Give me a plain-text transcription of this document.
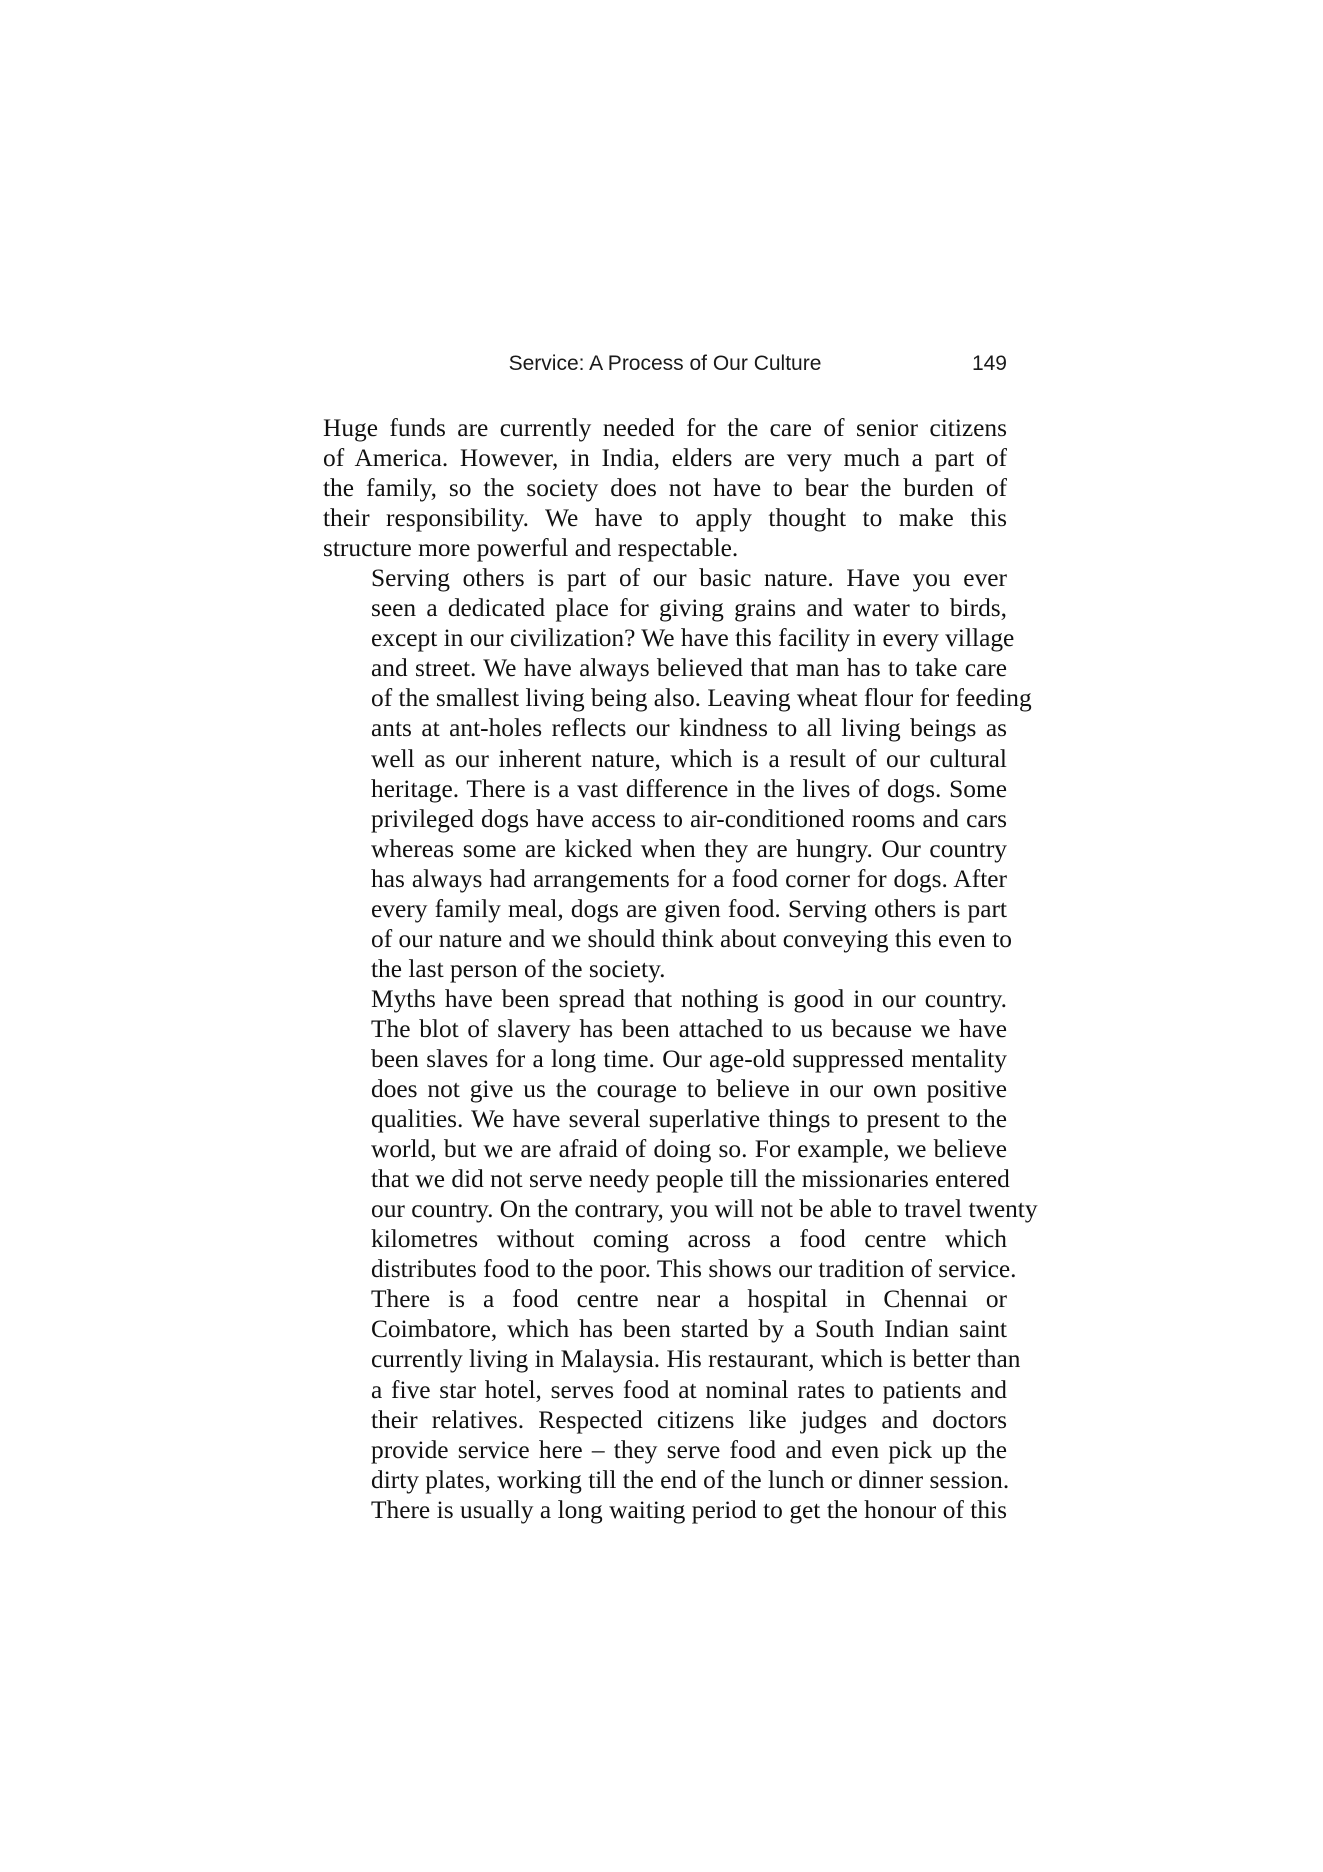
Service: A Process of Our Culture	149

Huge funds are currently needed for the care of senior citizens
of America. However, in India, elders are very much a part of
the family, so the society does not have to bear the burden of
their responsibility. We have to apply thought to make this
structure more powerful and respectable.

Serving others is part of our basic nature. Have you ever
seen a dedicated place for giving grains and water to birds,
except in our civilization? We have this facility in every village
and street. We have always believed that man has to take care
of the smallest living being also. Leaving wheat flour for feeding
ants at ant-holes reflects our kindness to all living beings as
well as our inherent nature, which is a result of our cultural
heritage. There is a vast difference in the lives of dogs. Some
privileged dogs have access to air-conditioned rooms and cars
whereas some are kicked when they are hungry. Our country
has always had arrangements for a food corner for dogs. After
every family meal, dogs are given food. Serving others is part
of our nature and we should think about conveying this even to
the last person of the society.

Myths have been spread that nothing is good in our country.
The blot of slavery has been attached to us because we have
been slaves for a long time. Our age-old suppressed mentality
does not give us the courage to believe in our own positive
qualities. We have several superlative things to present to the
world, but we are afraid of doing so. For example, we believe
that we did not serve needy people till the missionaries entered
our country. On the contrary, you will not be able to travel twenty
kilometres without coming across a food centre which
distributes food to the poor. This shows our tradition of service.

There is a food centre near a hospital in Chennai or
Coimbatore, which has been started by a South Indian saint
currently living in Malaysia. His restaurant, which is better than
a five star hotel, serves food at nominal rates to patients and
their relatives. Respected citizens like judges and doctors
provide service here – they serve food and even pick up the
dirty plates, working till the end of the lunch or dinner session.
There is usually a long waiting period to get the honour of this
